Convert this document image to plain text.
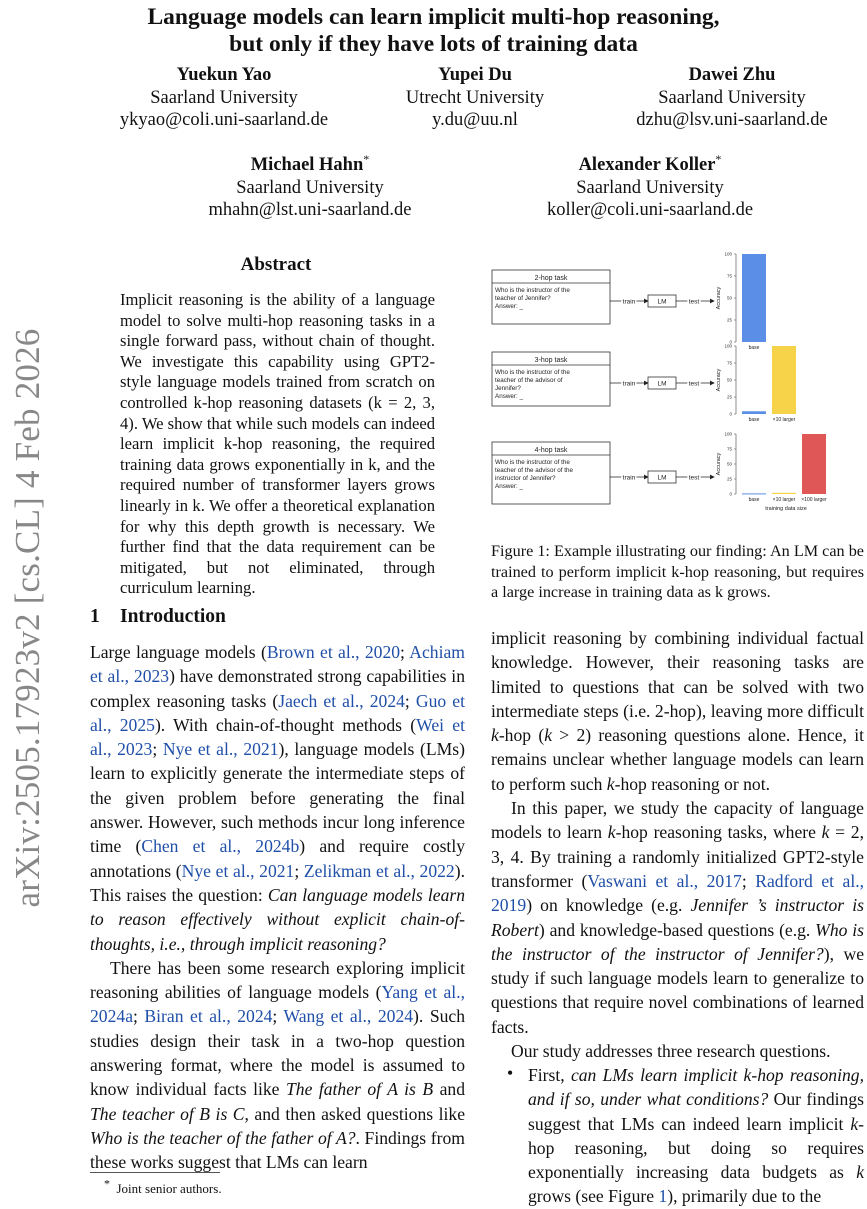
Language models can learn implicit multi-hop reasoning,
but only if they have lots of training data
Yuekun Yao
Saarland University
ykyao@coli.uni-saarland.de
Yupei Du
Utrecht University
y.du@uu.nl
Dawei Zhu
Saarland University
dzhu@lsv.uni-saarland.de
Michael Hahn*
Saarland University
mhahn@lst.uni-saarland.de
Alexander Koller*
Saarland University
koller@coli.uni-saarland.de
arXiv:2505.17923v2 [cs.CL] 4 Feb 2026
Abstract
Implicit reasoning is the ability of a language model to solve multi-hop reasoning tasks in a single forward pass, without chain of thought. We investigate this capability using GPT2-style language models trained from scratch on controlled k-hop reasoning datasets (k = 2, 3, 4). We show that while such models can indeed learn implicit k-hop reasoning, the required training data grows exponentially in k, and the required number of transformer layers grows linearly in k. We offer a theoretical explanation for why this depth growth is necessary. We further find that the data requirement can be mitigated, but not eliminated, through curriculum learning.
1 Introduction

Large language models (Brown et al., 2020; Achiam et al., 2023) have demonstrated strong capabilities in complex reasoning tasks (Jaech et al., 2024; Guo et al., 2025). With chain-of-thought methods (Wei et al., 2023; Nye et al., 2021), language models (LMs) learn to explicitly generate the intermediate steps of the given problem before generating the final answer. However, such methods incur long inference time (Chen et al., 2024b) and require costly annotations (Nye et al., 2021; Zelikman et al., 2022). This raises the question: Can language models learn to reason effectively without explicit chain-of-thoughts, i.e., through implicit reasoning?

There has been some research exploring implicit reasoning abilities of language models (Yang et al., 2024a; Biran et al., 2024; Wang et al., 2024). Such studies design their task in a two-hop question answering format, where the model is assumed to know individual facts like The father of A is B and The teacher of B is C, and then asked questions like Who is the teacher of the father of A?. Findings from these works suggest that LMs can learn

* Joint senior authors.
2-hop task
Who is the instructor of the
teacher of Jennifer?
Answer: _
train	LM	test	Accuracy
0
25
50
75
100
base
3-hop task
Who is the instructor of the
teacher of the advisor of
Jennifer?
Answer: _
train	LM	test	Accuracy
0
25
50
75
100
base	×10 larger
4-hop task
Who is the instructor of the
teacher of the advisor of the
instructor of Jennifer?
Answer: _
train	LM	test
Accuracy
0
25
50
75
100
base	×10 larger ×100 larger
training data size
Figure 1: Example illustrating our finding: An LM can be trained to perform implicit k-hop reasoning, but requires a large increase in training data as k grows.

implicit reasoning by combining individual factual knowledge. However, their reasoning tasks are limited to questions that can be solved with two intermediate steps (i.e. 2-hop), leaving more difficult k-hop (k > 2) reasoning questions alone. Hence, it remains unclear whether language models can learn to perform such k-hop reasoning or not.

In this paper, we study the capacity of language models to learn k-hop reasoning tasks, where k = 2, 3, 4. By training a randomly initialized GPT2-style transformer (Vaswani et al., 2017; Radford et al., 2019) on knowledge (e.g. Jennifer ’s instructor is Robert) and knowledge-based questions (e.g. Who is the instructor of the instructor of Jennifer?), we study if such language models learn to generalize to questions that require novel combinations of learned facts.

Our study addresses three research questions.

• First, can LMs learn implicit k-hop reasoning, and if so, under what conditions? Our findings suggest that LMs can indeed learn implicit k-hop reasoning, but doing so requires exponentially increasing data budgets as k grows (see Figure 1), primarily due to the
